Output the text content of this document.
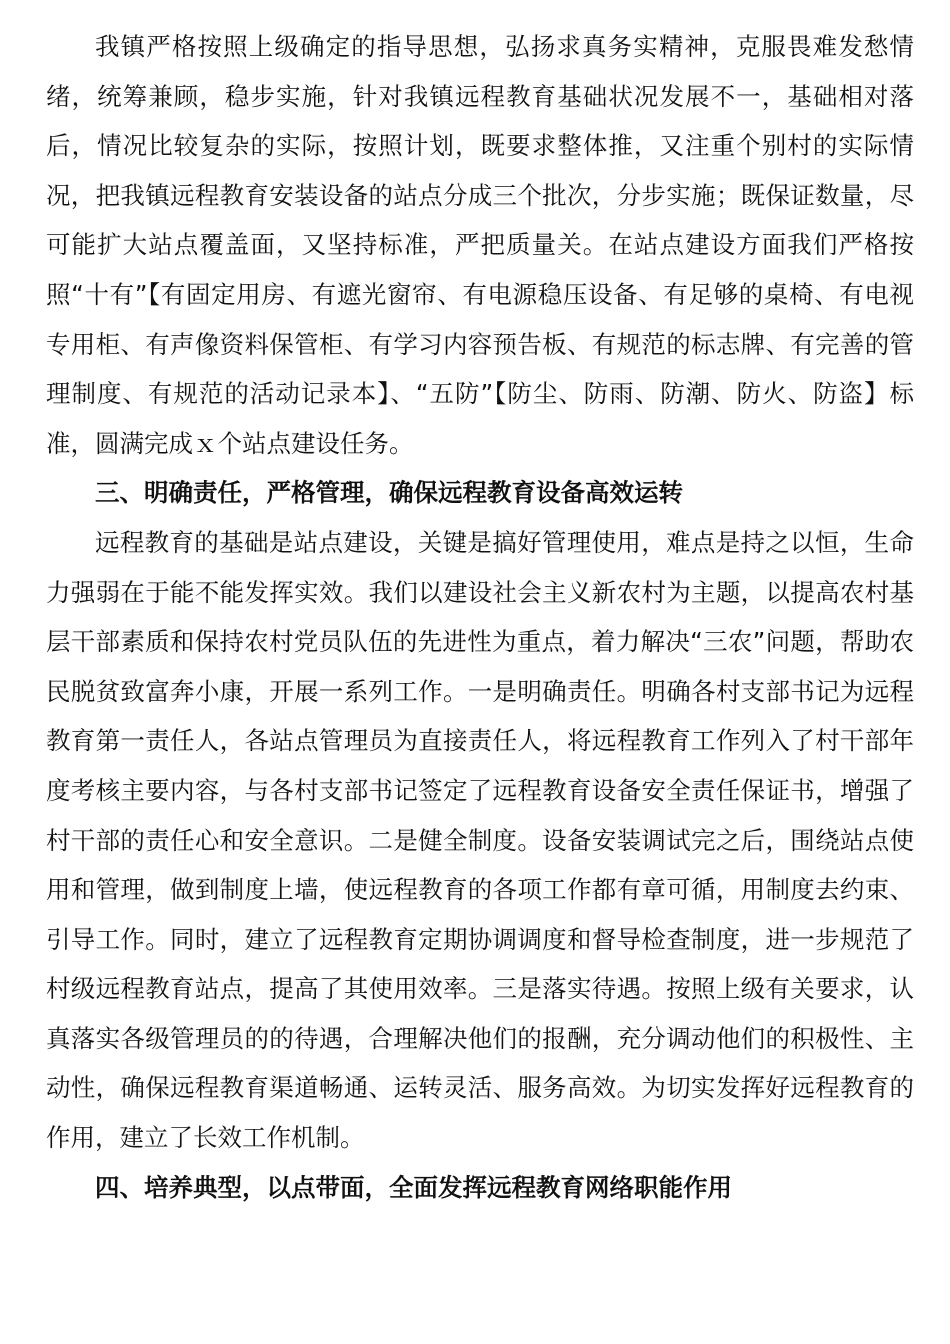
我镇严格按照上级确定的指导思想，弘扬求真务实精神，克服畏难发愁情绪，统筹兼顾，稳步实施，针对我镇远程教育基础状况发展不一，基础相对落后，情况比较复杂的实际，按照计划，既要求整体推，又注重个别村的实际情况，把我镇远程教育安装设备的站点分成三个批次，分步实施；既保证数量，尽可能扩大站点覆盖面，又坚持标准，严把质量关。在站点建设方面我们严格按照“十有”【有固定用房、有遮光窗帘、有电源稳压设备、有足够的桌椅、有电视专用柜、有声像资料保管柜、有学习内容预告板、有规范的标志牌、有完善的管理制度、有规范的活动记录本】、“五防”【防尘、防雨、防潮、防火、防盗】标准，圆满完成ｘ个站点建设任务。

三、明确责任，严格管理，确保远程教育设备高效运转

远程教育的基础是站点建设，关键是搞好管理使用，难点是持之以恒，生命力强弱在于能不能发挥实效。我们以建设社会主义新农村为主题，以提高农村基层干部素质和保持农村党员队伍的先进性为重点，着力解决“三农”问题，帮助农民脱贫致富奔小康，开展一系列工作。一是明确责任。明确各村支部书记为远程教育第一责任人，各站点管理员为直接责任人，将远程教育工作列入了村干部年度考核主要内容，与各村支部书记签定了远程教育设备安全责任保证书，增强了村干部的责任心和安全意识。二是健全制度。设备安装调试完之后，围绕站点使用和管理，做到制度上墙，使远程教育的各项工作都有章可循，用制度去约束、引导工作。同时，建立了远程教育定期协调调度和督导检查制度，进一步规范了村级远程教育站点，提高了其使用效率。三是落实待遇。按照上级有关要求，认真落实各级管理员的的待遇，合理解决他们的报酬，充分调动他们的积极性、主动性，确保远程教育渠道畅通、运转灵活、服务高效。为切实发挥好远程教育的作用，建立了长效工作机制。

四、培养典型，以点带面，全面发挥远程教育网络职能作用
